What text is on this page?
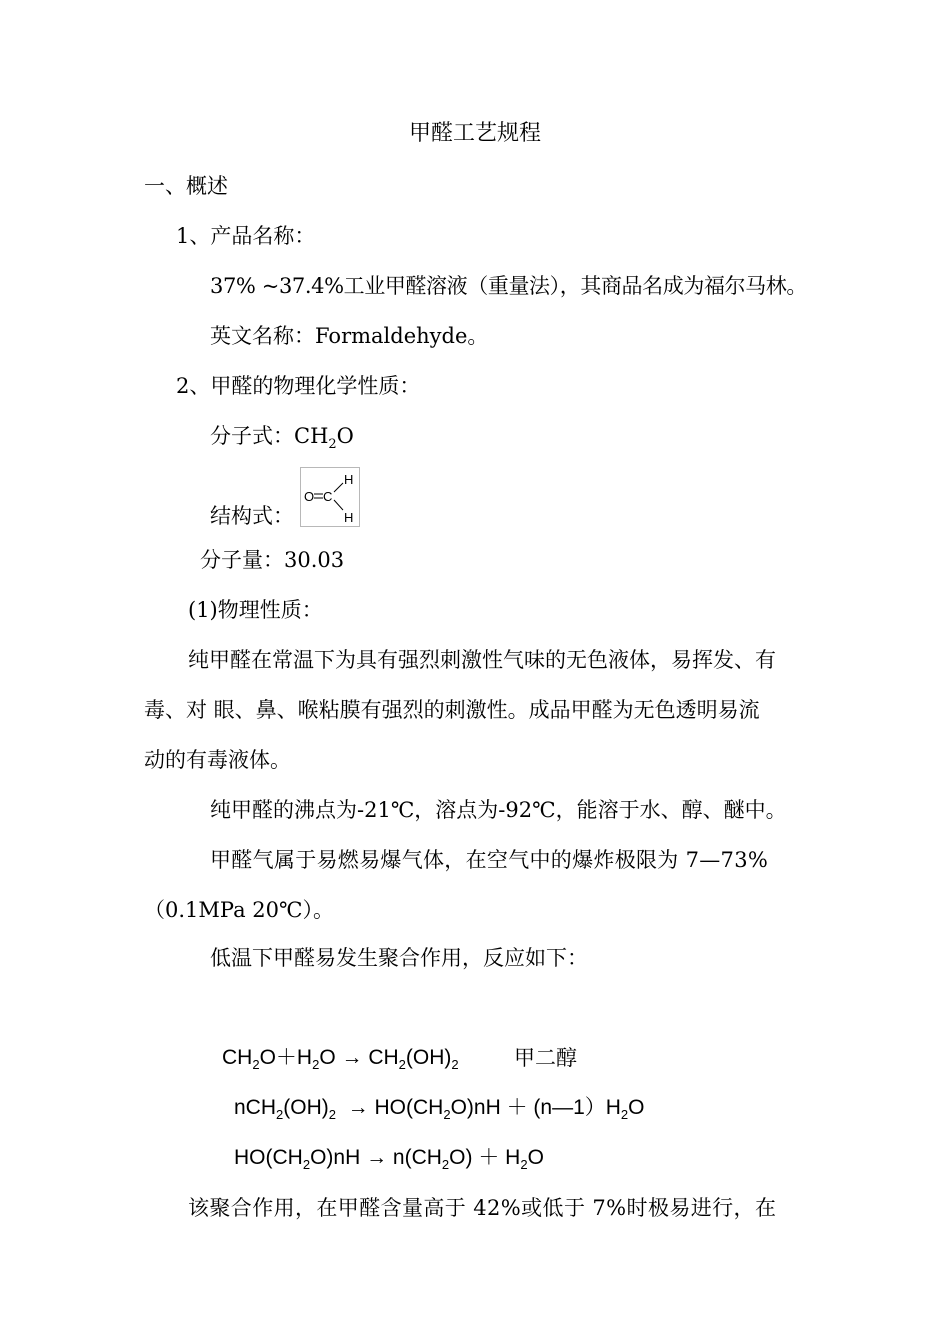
甲醛工艺规程
一、概述
1、产品名称：
37% ~37.4%工业甲醛溶液（重量法），其商品名成为福尔马林。
英文名称：Formaldehyde。
2、甲醛的物理化学性质：
分子式：$CH_2O$
结构式：
O C
H
H
分子量：30.03
(1)物理性质：
纯甲醛在常温下为具有强烈刺激性气味的无色液体，易挥发、有
毒、对 眼、鼻、喉粘膜有强烈的刺激性。成品甲醛为无色透明易流
动的有毒液体。
纯甲醛的沸点为-21℃，溶点为-92℃，能溶于水、醇、醚中。
甲醛气属于易燃易爆气体，在空气中的爆炸极限为 7—73%
（0.1MPa 20℃）。
低温下甲醛易发生聚合作用，反应如下：
$CH_2O+H_2O \to CH_2(OH)_2$	甲二醇
$nCH_2(OH)_2 \to HO(CH_2O)nH$ ＋ $(n—1)H_2O$
$HO(CH_2O)nH \to n(CH_2O) + H_2O$
该聚合作用，在甲醛含量高于 42%或低于 7%时极易进行，在
